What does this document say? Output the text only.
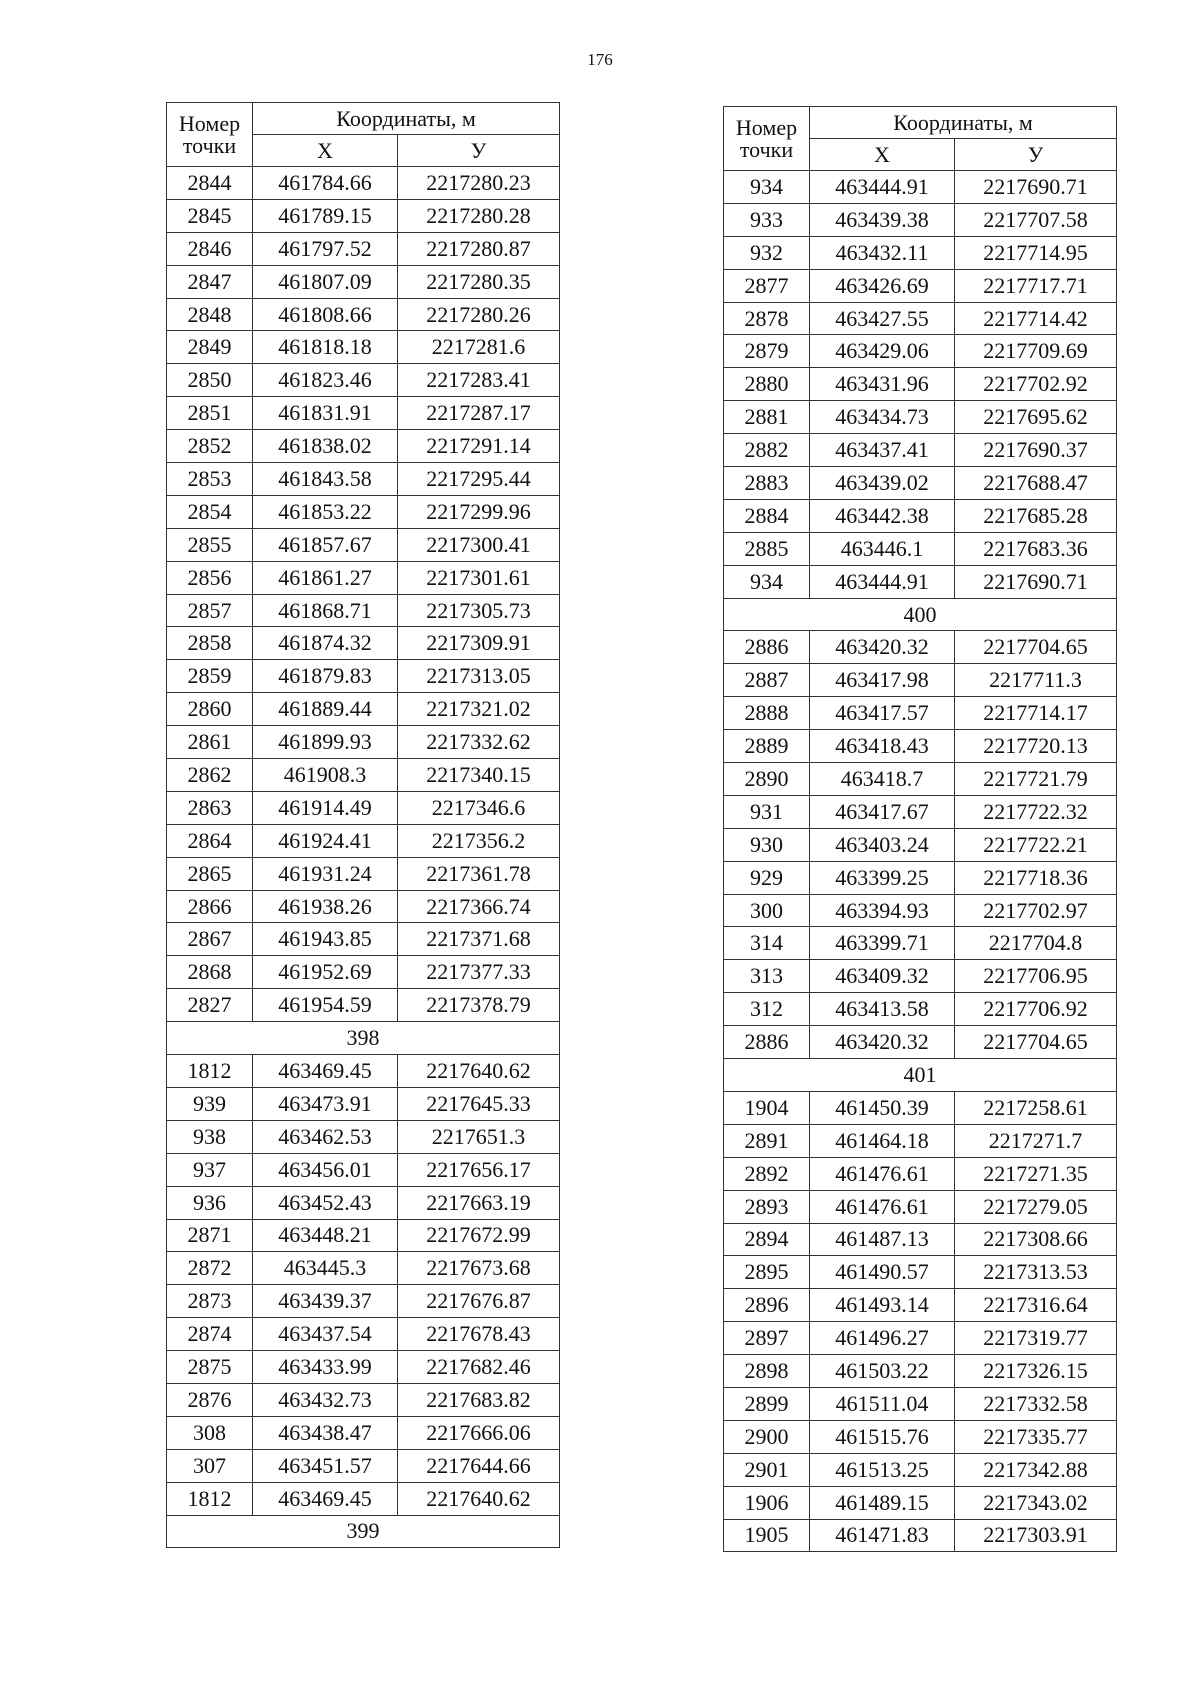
176
Номер
точки	Координаты, м	
	X	У
2844	461784.66	2217280.23
2845	461789.15	2217280.28
2846	461797.52	2217280.87
2847	461807.09	2217280.35
2848	461808.66	2217280.26
2849	461818.18	2217281.6
2850	461823.46	2217283.41
2851	461831.91	2217287.17
2852	461838.02	2217291.14
2853	461843.58	2217295.44
2854	461853.22	2217299.96
2855	461857.67	2217300.41
2856	461861.27	2217301.61
2857	461868.71	2217305.73
2858	461874.32	2217309.91
2859	461879.83	2217313.05
2860	461889.44	2217321.02
2861	461899.93	2217332.62
2862	461908.3	2217340.15
2863	461914.49	2217346.6
2864	461924.41	2217356.2
2865	461931.24	2217361.78
2866	461938.26	2217366.74
2867	461943.85	2217371.68
2868	461952.69	2217377.33
2827	461954.59	2217378.79
398		
1812	463469.45	2217640.62
939	463473.91	2217645.33
938	463462.53	2217651.3
937	463456.01	2217656.17
936	463452.43	2217663.19
2871	463448.21	2217672.99
2872	463445.3	2217673.68
2873	463439.37	2217676.87
2874	463437.54	2217678.43
2875	463433.99	2217682.46
2876	463432.73	2217683.82
308	463438.47	2217666.06
307	463451.57	2217644.66
1812	463469.45	2217640.62
399		
Номер
точки	Координаты, м	
	X	У
934	463444.91	2217690.71
933	463439.38	2217707.58
932	463432.11	2217714.95
2877	463426.69	2217717.71
2878	463427.55	2217714.42
2879	463429.06	2217709.69
2880	463431.96	2217702.92
2881	463434.73	2217695.62
2882	463437.41	2217690.37
2883	463439.02	2217688.47
2884	463442.38	2217685.28
2885	463446.1	2217683.36
934	463444.91	2217690.71
400		
2886	463420.32	2217704.65
2887	463417.98	2217711.3
2888	463417.57	2217714.17
2889	463418.43	2217720.13
2890	463418.7	2217721.79
931	463417.67	2217722.32
930	463403.24	2217722.21
929	463399.25	2217718.36
300	463394.93	2217702.97
314	463399.71	2217704.8
313	463409.32	2217706.95
312	463413.58	2217706.92
2886	463420.32	2217704.65
401		
1904	461450.39	2217258.61
2891	461464.18	2217271.7
2892	461476.61	2217271.35
2893	461476.61	2217279.05
2894	461487.13	2217308.66
2895	461490.57	2217313.53
2896	461493.14	2217316.64
2897	461496.27	2217319.77
2898	461503.22	2217326.15
2899	461511.04	2217332.58
2900	461515.76	2217335.77
2901	461513.25	2217342.88
1906	461489.15	2217343.02
1905	461471.83	2217303.91
